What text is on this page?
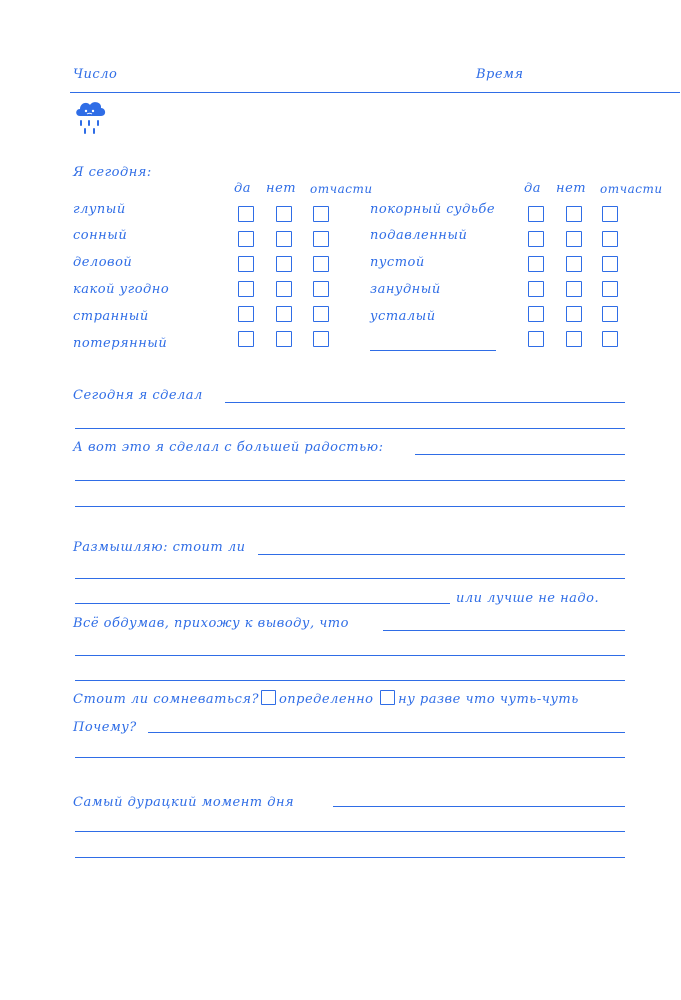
Число	Время
Я сегодня:
да нет отчасти	да нет отчасти
глупый
сонный
деловой
какой угодно
странный
потерянный
покорный судьбе
подавленный
пустой
занудный
усталый
Сегодня я сделал
А вот это я сделал с большей радостью:
Размышляю: стоит ли
или лучше не надо.
Всё обдумав, прихожу к выводу, что
Стоит ли сомневаться? определенно ну разве что чуть-чуть
Почему?
Самый дурацкий момент дня
